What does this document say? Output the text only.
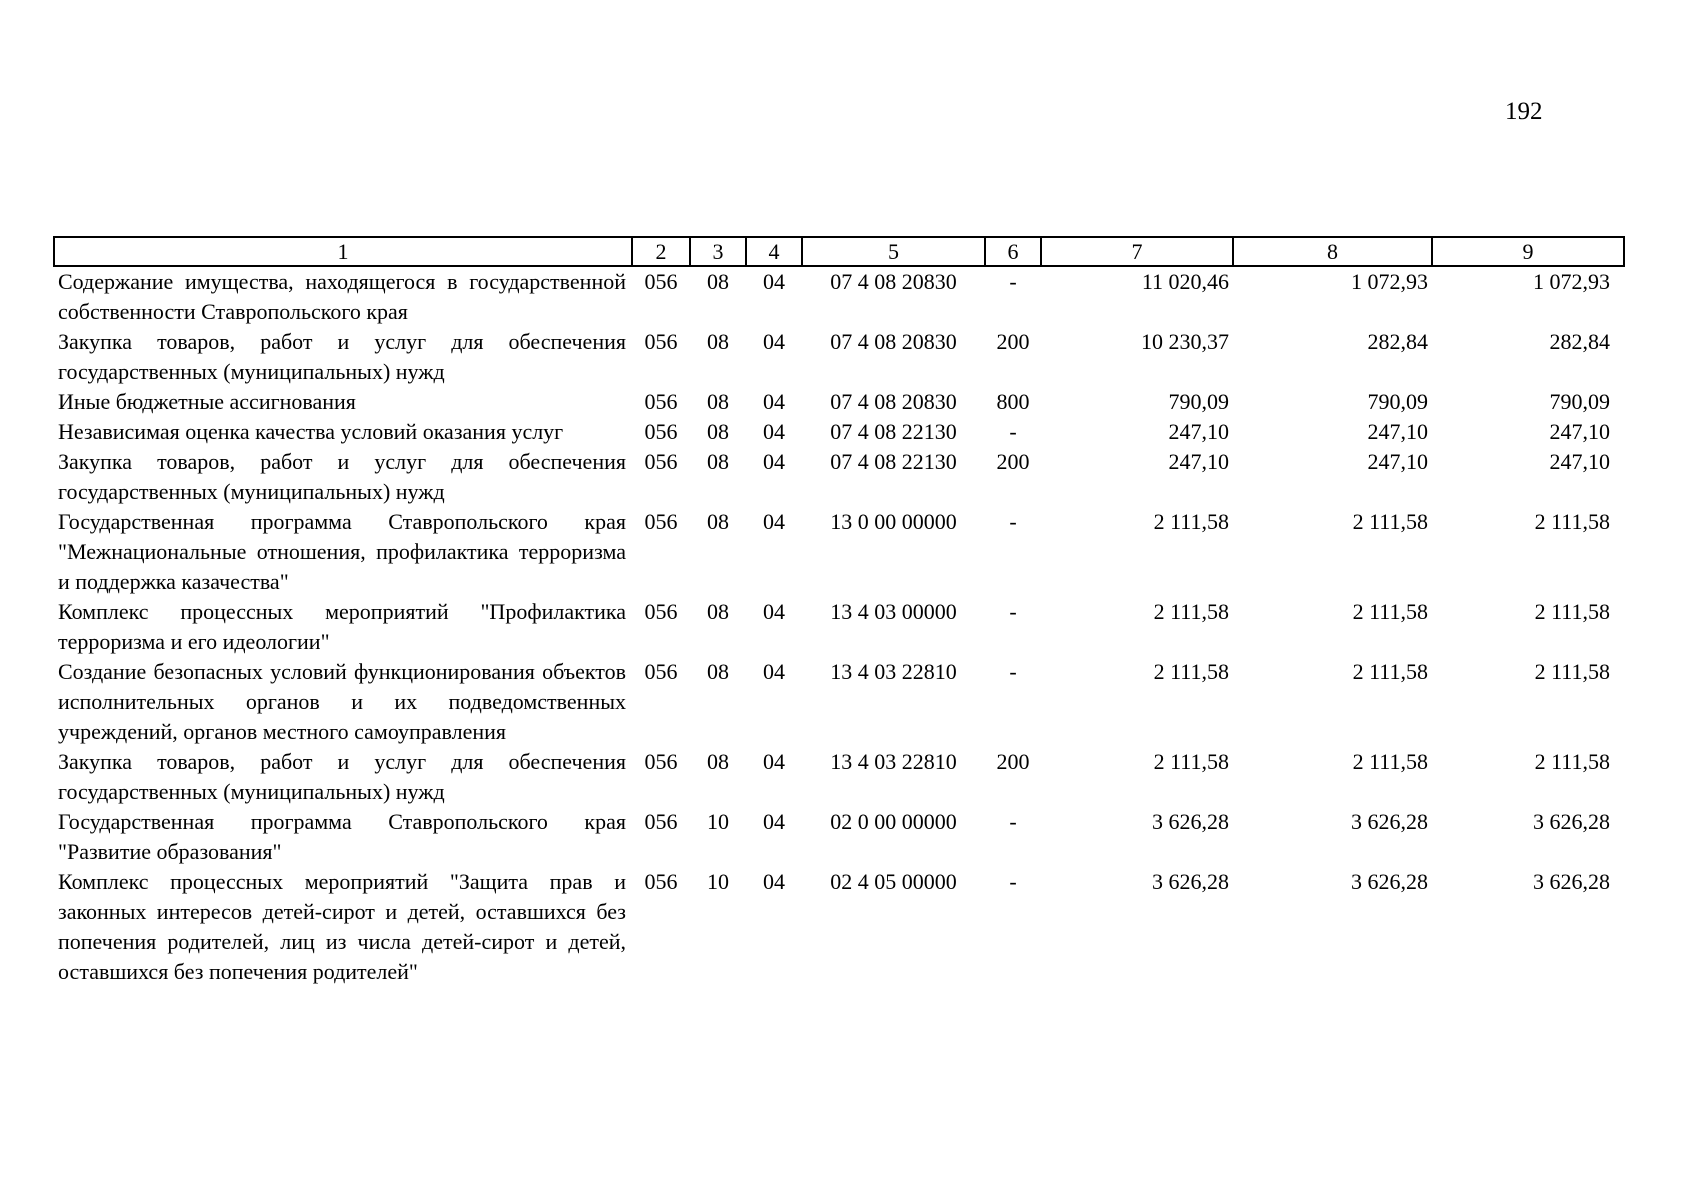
192
1	2	3	4	5	6	7	8	9
Содержание имущества, находящегося в государственной собственности Ставропольского края	056	08	04	07 4 08 20830	-	11 020,46	1 072,93	1 072,93
Закупка товаров, работ и услуг для обеспечения государственных (муниципальных) нужд	056	08	04	07 4 08 20830	200	10 230,37	282,84	282,84
Иные бюджетные ассигнования	056	08	04	07 4 08 20830	800	790,09	790,09	790,09
Независимая оценка качества условий оказания услуг	056	08	04	07 4 08 22130	-	247,10	247,10	247,10
Закупка товаров, работ и услуг для обеспечения государственных (муниципальных) нужд	056	08	04	07 4 08 22130	200	247,10	247,10	247,10
Государственная программа Ставропольского края "Межнациональные отношения, профилактика терроризма и поддержка казачества"	056	08	04	13 0 00 00000	-	2 111,58	2 111,58	2 111,58
Комплекс процессных мероприятий "Профилактика терроризма и его идеологии"	056	08	04	13 4 03 00000	-	2 111,58	2 111,58	2 111,58
Создание безопасных условий функционирования объектов исполнительных органов и их подведомственных учреждений, органов местного самоуправления	056	08	04	13 4 03 22810	-	2 111,58	2 111,58	2 111,58
Закупка товаров, работ и услуг для обеспечения государственных (муниципальных) нужд	056	08	04	13 4 03 22810	200	2 111,58	2 111,58	2 111,58
Государственная программа Ставропольского края "Развитие образования"	056	10	04	02 0 00 00000	-	3 626,28	3 626,28	3 626,28
Комплекс процессных мероприятий "Защита прав и законных интересов детей-сирот и детей, оставшихся без попечения родителей, лиц из числа детей-сирот и детей, оставшихся без попечения родителей"	056	10	04	02 4 05 00000	-	3 626,28	3 626,28	3 626,28
